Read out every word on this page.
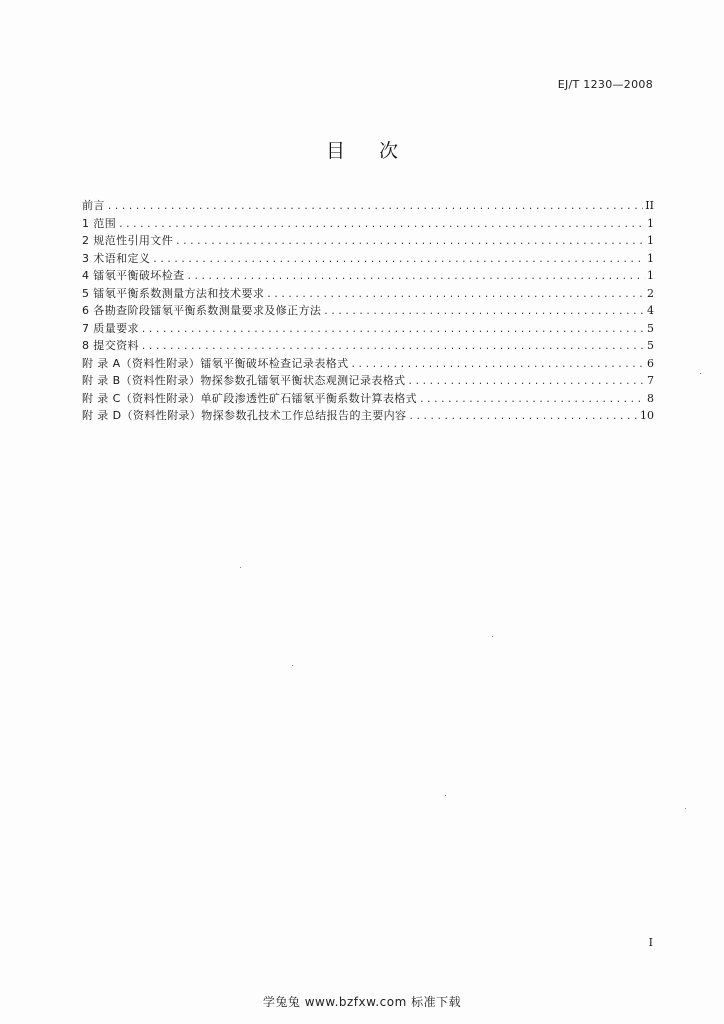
EJ/T 1230—2008
目 次
前言 .....	II
1 范围 .....	1
2 规范性引用文件 .....	1
3 术语和定义 .....	1
4 镭氡平衡破坏检查 .....	1
5 镭氡平衡系数测量方法和技术要求 .....	2
6 各勘查阶段镭氡平衡系数测量要求及修正方法 .....	4
7 质量要求 .....	5
8 提交资料 .....	5
附 录 A（资料性附录）镭氡平衡破坏检查记录表格式 .....	6
附 录 B（资料性附录）物探参数孔镭氡平衡状态观测记录表格式 .....	7
附 录 C（资料性附录）单矿段渗透性矿石镭氡平衡系数计算表格式 .....	8
附 录 D（资料性附录）物探参数孔技术工作总结报告的主要内容 .....	10
I
学兔兔 www.bzfxw.com 标准下载
